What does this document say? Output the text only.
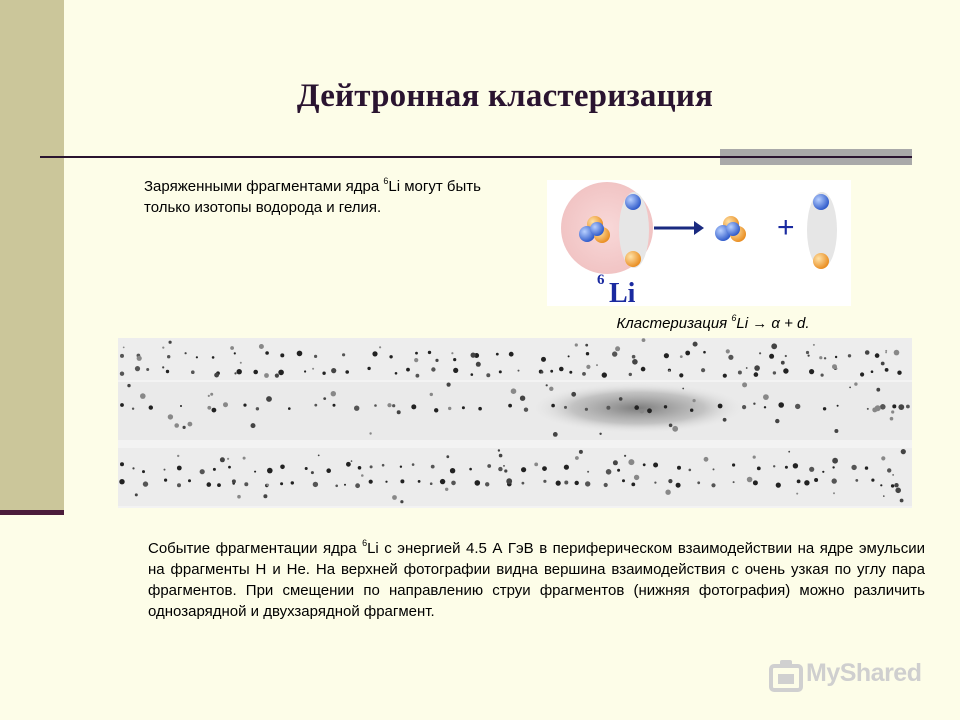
Дейтронная кластеризация
Заряженными фрагментами ядра $^6$Li могут быть только изотопы водорода и гелия.
+
6 Li
Кластеризация $^6$Li → α + d.
Событие фрагментации ядра $^6$Li с энергией 4.5 А ГэВ в периферическом взаимодействии на ядре эмульсии на фрагменты H и He. На верхней фотографии видна вершина взаимодействия с очень узкая по углу пара фрагментов. При смещении по направлению струи фрагментов (нижняя фотография) можно различить однозарядной и двухзарядной фрагмент.
MyShared
